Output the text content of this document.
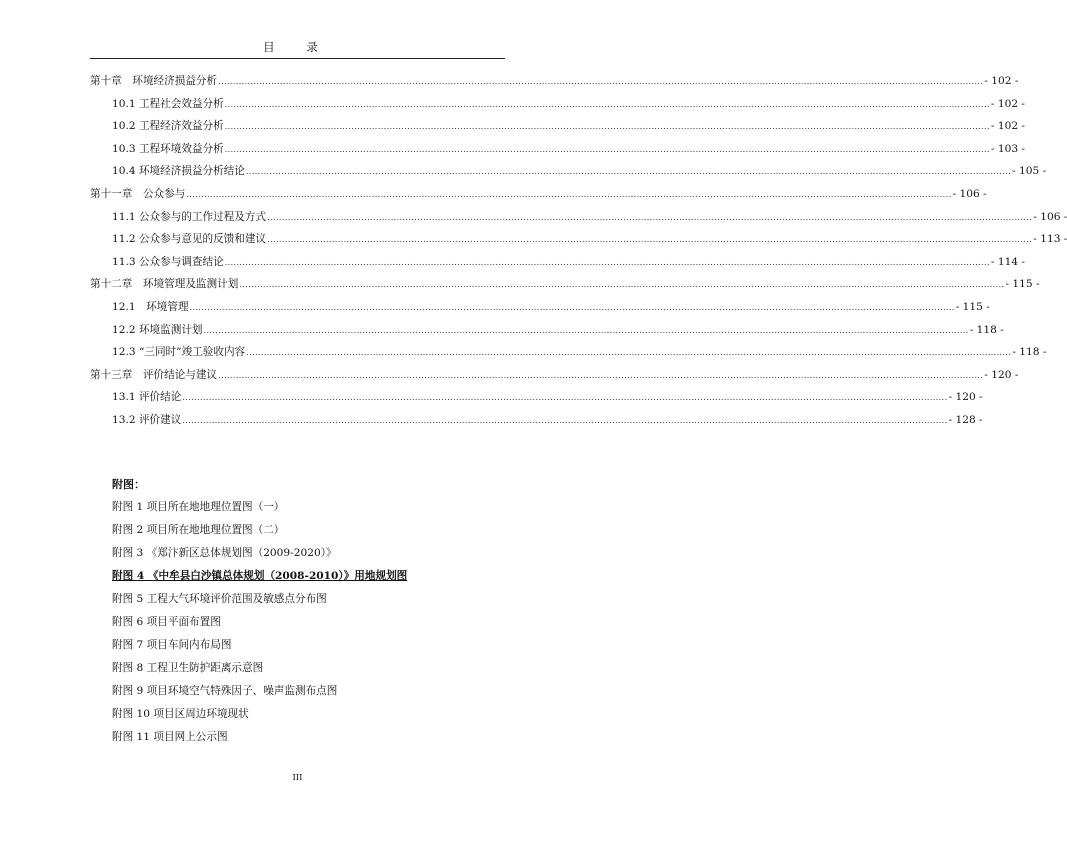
目 录
第十章　环境经济损益分析 .................................................................................................................................................................................................................................................................... - 102 -
10.1 工程社会效益分析 .................................................................................................................................................................................................................................................................... - 102 -
10.2 工程经济效益分析 .................................................................................................................................................................................................................................................................... - 102 -
10.3 工程环境效益分析 .................................................................................................................................................................................................................................................................... - 103 -
10.4 环境经济损益分析结论 .................................................................................................................................................................................................................................................................... - 105 -
第十一章　公众参与 .................................................................................................................................................................................................................................................................... - 106 -
11.1 公众参与的工作过程及方式 .................................................................................................................................................................................................................................................................... - 106 -
11.2 公众参与意见的反馈和建议 .................................................................................................................................................................................................................................................................... - 113 -
11.3 公众参与调查结论 .................................................................................................................................................................................................................................................................... - 114 -
第十二章　环境管理及监测计划 .................................................................................................................................................................................................................................................................... - 115 -
12.1　环境管理 .................................................................................................................................................................................................................................................................... - 115 -
12.2 环境监测计划 .................................................................................................................................................................................................................................................................... - 118 -
12.3 “三同时”竣工验收内容 .................................................................................................................................................................................................................................................................... - 118 -
第十三章　评价结论与建议 .................................................................................................................................................................................................................................................................... - 120 -
13.1 评价结论 .................................................................................................................................................................................................................................................................... - 120 -
13.2 评价建议 .................................................................................................................................................................................................................................................................... - 128 -
附图：
附图 1 项目所在地地理位置图（一）
附图 2 项目所在地地理位置图（二）
附图 3 《郑汴新区总体规划图（2009-2020）》
附图 4 《中牟县白沙镇总体规划（2008-2010）》用地规划图
附图 5 工程大气环境评价范围及敏感点分布图
附图 6 项目平面布置图
附图 7 项目车间内布局图
附图 8 工程卫生防护距离示意图
附图 9 项目环境空气特殊因子、噪声监测布点图
附图 10 项目区周边环境现状
附图 11 项目网上公示图
III
